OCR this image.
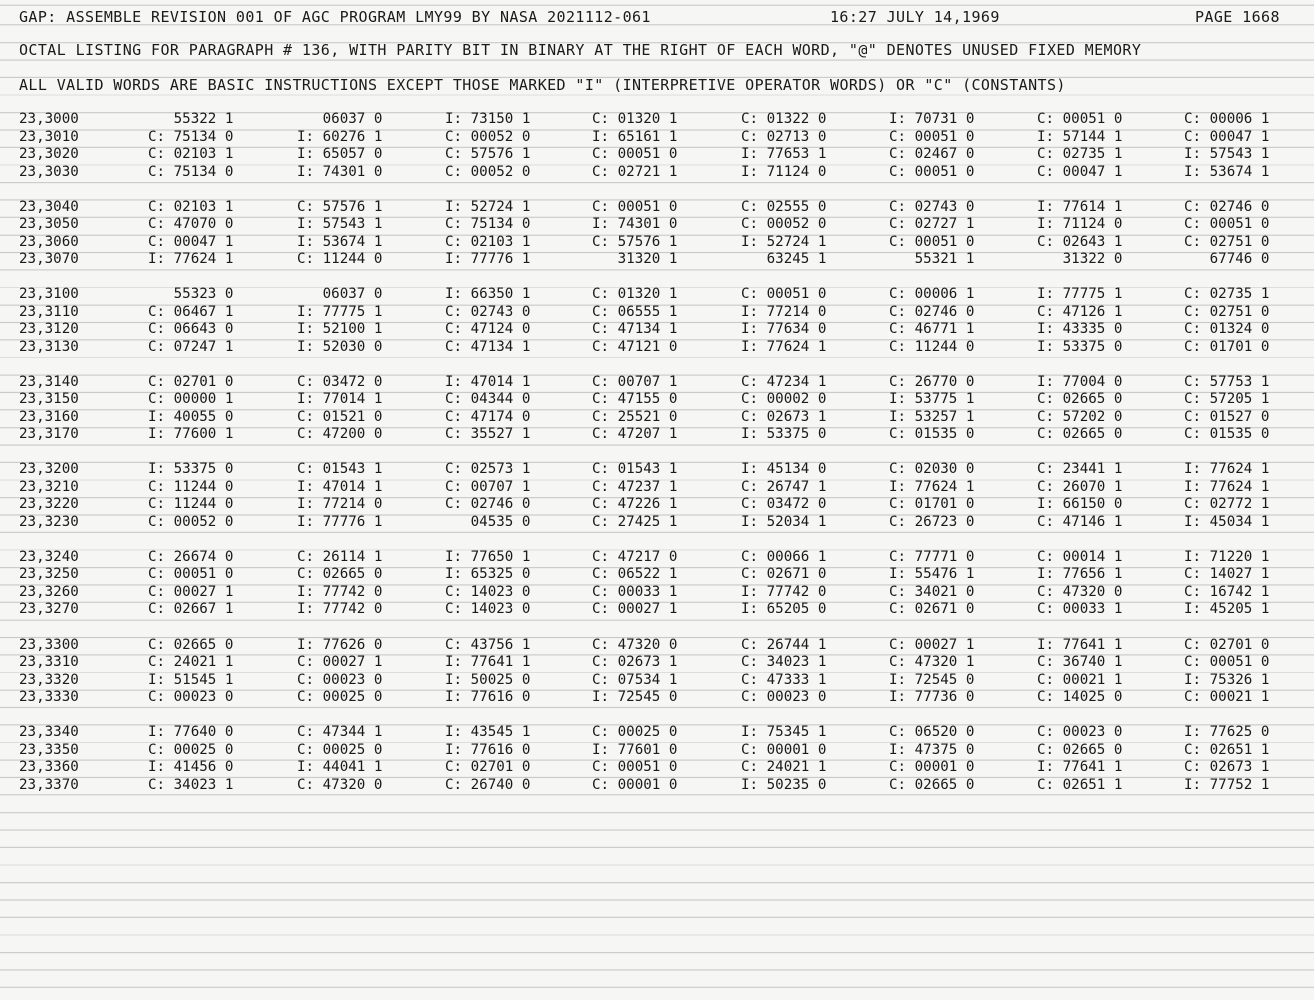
GAP: ASSEMBLE REVISION 001 OF AGC PROGRAM LMY99 BY NASA 2021112-061	16:27 JULY 14,1969	PAGE 1668
OCTAL LISTING FOR PARAGRAPH # 136, WITH PARITY BIT IN BINARY AT THE RIGHT OF EACH WORD, "@" DENOTES UNUSED FIXED MEMORY
ALL VALID WORDS ARE BASIC INSTRUCTIONS EXCEPT THOSE MARKED "I" (INTERPRETIVE OPERATOR WORDS) OR "C" (CONSTANTS)
23,3000	55322 1	06037 0	I: 73150 1	C: 01320 1	C: 01322 0	I: 70731 0	C: 00051 0	C: 00006 1
23,3010	C: 75134 0	I: 60276 1	C: 00052 0	I: 65161 1	C: 02713 0	C: 00051 0	I: 57144 1	C: 00047 1
23,3020	C: 02103 1	I: 65057 0	C: 57576 1	C: 00051 0	I: 77653 1	C: 02467 0	C: 02735 1	I: 57543 1
23,3030	C: 75134 0	I: 74301 0	C: 00052 0	C: 02721 1	I: 71124 0	C: 00051 0	C: 00047 1	I: 53674 1
23,3040	C: 02103 1	C: 57576 1	I: 52724 1	C: 00051 0	C: 02555 0	C: 02743 0	I: 77614 1	C: 02746 0
23,3050	C: 47070 0	I: 57543 1	C: 75134 0	I: 74301 0	C: 00052 0	C: 02727 1	I: 71124 0	C: 00051 0
23,3060	C: 00047 1	I: 53674 1	C: 02103 1	C: 57576 1	I: 52724 1	C: 00051 0	C: 02643 1	C: 02751 0
23,3070	I: 77624 1	C: 11244 0	I: 77776 1	31320 1	63245 1	55321 1	31322 0	67746 0
23,3100	55323 0	06037 0	I: 66350 1	C: 01320 1	C: 00051 0	C: 00006 1	I: 77775 1	C: 02735 1
23,3110	C: 06467 1	I: 77775 1	C: 02743 0	C: 06555 1	I: 77214 0	C: 02746 0	C: 47126 1	C: 02751 0
23,3120	C: 06643 0	I: 52100 1	C: 47124 0	C: 47134 1	I: 77634 0	C: 46771 1	I: 43335 0	C: 01324 0
23,3130	C: 07247 1	I: 52030 0	C: 47134 1	C: 47121 0	I: 77624 1	C: 11244 0	I: 53375 0	C: 01701 0
23,3140	C: 02701 0	C: 03472 0	I: 47014 1	C: 00707 1	C: 47234 1	C: 26770 0	I: 77004 0	C: 57753 1
23,3150	C: 00000 1	I: 77014 1	C: 04344 0	C: 47155 0	C: 00002 0	I: 53775 1	C: 02665 0	C: 57205 1
23,3160	I: 40055 0	C: 01521 0	C: 47174 0	C: 25521 0	C: 02673 1	I: 53257 1	C: 57202 0	C: 01527 0
23,3170	I: 77600 1	C: 47200 0	C: 35527 1	C: 47207 1	I: 53375 0	C: 01535 0	C: 02665 0	C: 01535 0
23,3200	I: 53375 0	C: 01543 1	C: 02573 1	C: 01543 1	I: 45134 0	C: 02030 0	C: 23441 1	I: 77624 1
23,3210	C: 11244 0	I: 47014 1	C: 00707 1	C: 47237 1	C: 26747 1	I: 77624 1	C: 26070 1	I: 77624 1
23,3220	C: 11244 0	I: 77214 0	C: 02746 0	C: 47226 1	C: 03472 0	C: 01701 0	I: 66150 0	C: 02772 1
23,3230	C: 00052 0	I: 77776 1	04535 0	C: 27425 1	I: 52034 1	C: 26723 0	C: 47146 1	I: 45034 1
23,3240	C: 26674 0	C: 26114 1	I: 77650 1	C: 47217 0	C: 00066 1	C: 77771 0	C: 00014 1	I: 71220 1
23,3250	C: 00051 0	C: 02665 0	I: 65325 0	C: 06522 1	C: 02671 0	I: 55476 1	I: 77656 1	C: 14027 1
23,3260	C: 00027 1	I: 77742 0	C: 14023 0	C: 00033 1	I: 77742 0	C: 34021 0	C: 47320 0	C: 16742 1
23,3270	C: 02667 1	I: 77742 0	C: 14023 0	C: 00027 1	I: 65205 0	C: 02671 0	C: 00033 1	I: 45205 1
23,3300	C: 02665 0	I: 77626 0	C: 43756 1	C: 47320 0	C: 26744 1	C: 00027 1	I: 77641 1	C: 02701 0
23,3310	C: 24021 1	C: 00027 1	I: 77641 1	C: 02673 1	C: 34023 1	C: 47320 1	C: 36740 1	C: 00051 0
23,3320	I: 51545 1	C: 00023 0	I: 50025 0	C: 07534 1	C: 47333 1	I: 72545 0	C: 00021 1	I: 75326 1
23,3330	C: 00023 0	C: 00025 0	I: 77616 0	I: 72545 0	C: 00023 0	I: 77736 0	C: 14025 0	C: 00021 1
23,3340	I: 77640 0	C: 47344 1	I: 43545 1	C: 00025 0	I: 75345 1	C: 06520 0	C: 00023 0	I: 77625 0
23,3350	C: 00025 0	C: 00025 0	I: 77616 0	I: 77601 0	C: 00001 0	I: 47375 0	C: 02665 0	C: 02651 1
23,3360	I: 41456 0	I: 44041 1	C: 02701 0	C: 00051 0	C: 24021 1	C: 00001 0	I: 77641 1	C: 02673 1
23,3370	C: 34023 1	C: 47320 0	C: 26740 0	C: 00001 0	I: 50235 0	C: 02665 0	C: 02651 1	I: 77752 1
